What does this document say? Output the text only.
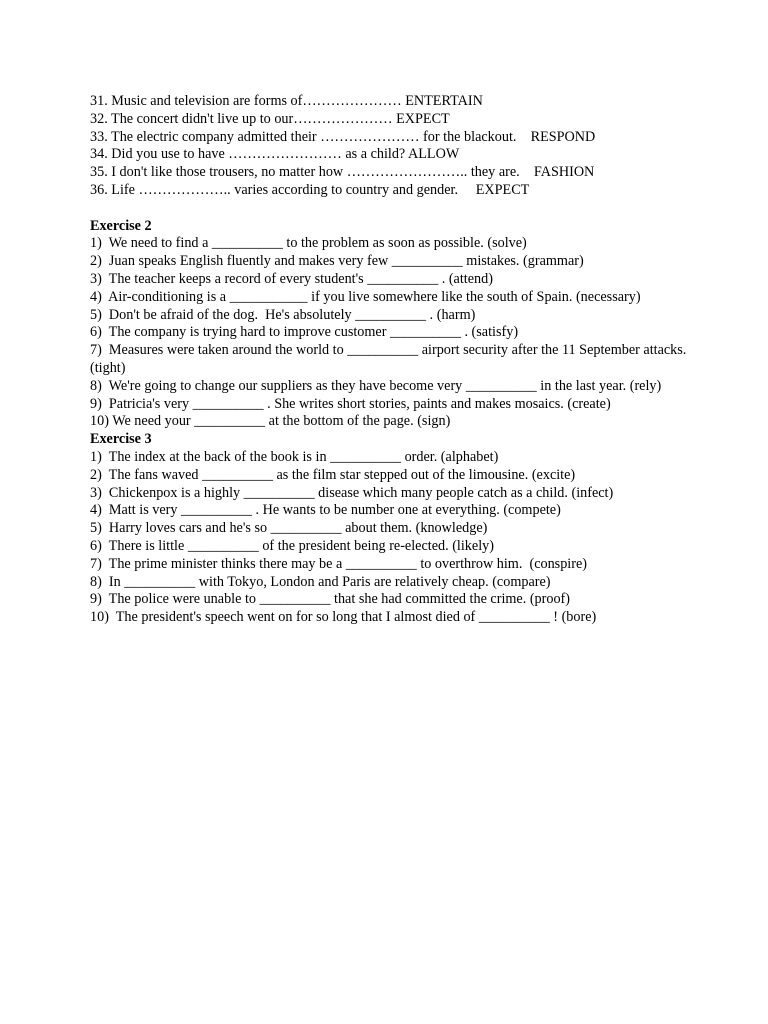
31. Music and television are forms of………………… ENTERTAIN
32. The concert didn't live up to our………………… EXPECT
33. The electric company admitted their ………………… for the blackout.    RESPOND
34. Did you use to have …………………… as a child? ALLOW
35. I don't like those trousers, no matter how …………………….. they are.    FASHION
36. Life ……………….. varies according to country and gender.     EXPECT
Exercise 2
1)  We need to find a __________ to the problem as soon as possible. (solve)
2)  Juan speaks English fluently and makes very few __________ mistakes. (grammar)
3)  The teacher keeps a record of every student's __________ . (attend)
4)  Air-conditioning is a ___________ if you live somewhere like the south of Spain. (necessary)
5)  Don't be afraid of the dog.  He's absolutely __________ . (harm)
6)  The company is trying hard to improve customer __________ . (satisfy)
7)  Measures were taken around the world to __________ airport security after the 11 September attacks. (tight)
8)  We're going to change our suppliers as they have become very __________ in the last year. (rely)
9)  Patricia's very __________ . She writes short stories, paints and makes mosaics. (create)
10) We need your __________ at the bottom of the page. (sign)
Exercise 3
1)  The index at the back of the book is in __________ order. (alphabet)
2)  The fans waved __________ as the film star stepped out of the limousine. (excite)
3)  Chickenpox is a highly __________ disease which many people catch as a child. (infect)
4)  Matt is very __________ . He wants to be number one at everything. (compete)
5)  Harry loves cars and he's so __________ about them. (knowledge)
6)  There is little __________ of the president being re-elected. (likely)
7)  The prime minister thinks there may be a __________ to overthrow him.  (conspire)
8)  In __________ with Tokyo, London and Paris are relatively cheap. (compare)
9)  The police were unable to __________ that she had committed the crime. (proof)
10)  The president's speech went on for so long that I almost died of __________ ! (bore)
